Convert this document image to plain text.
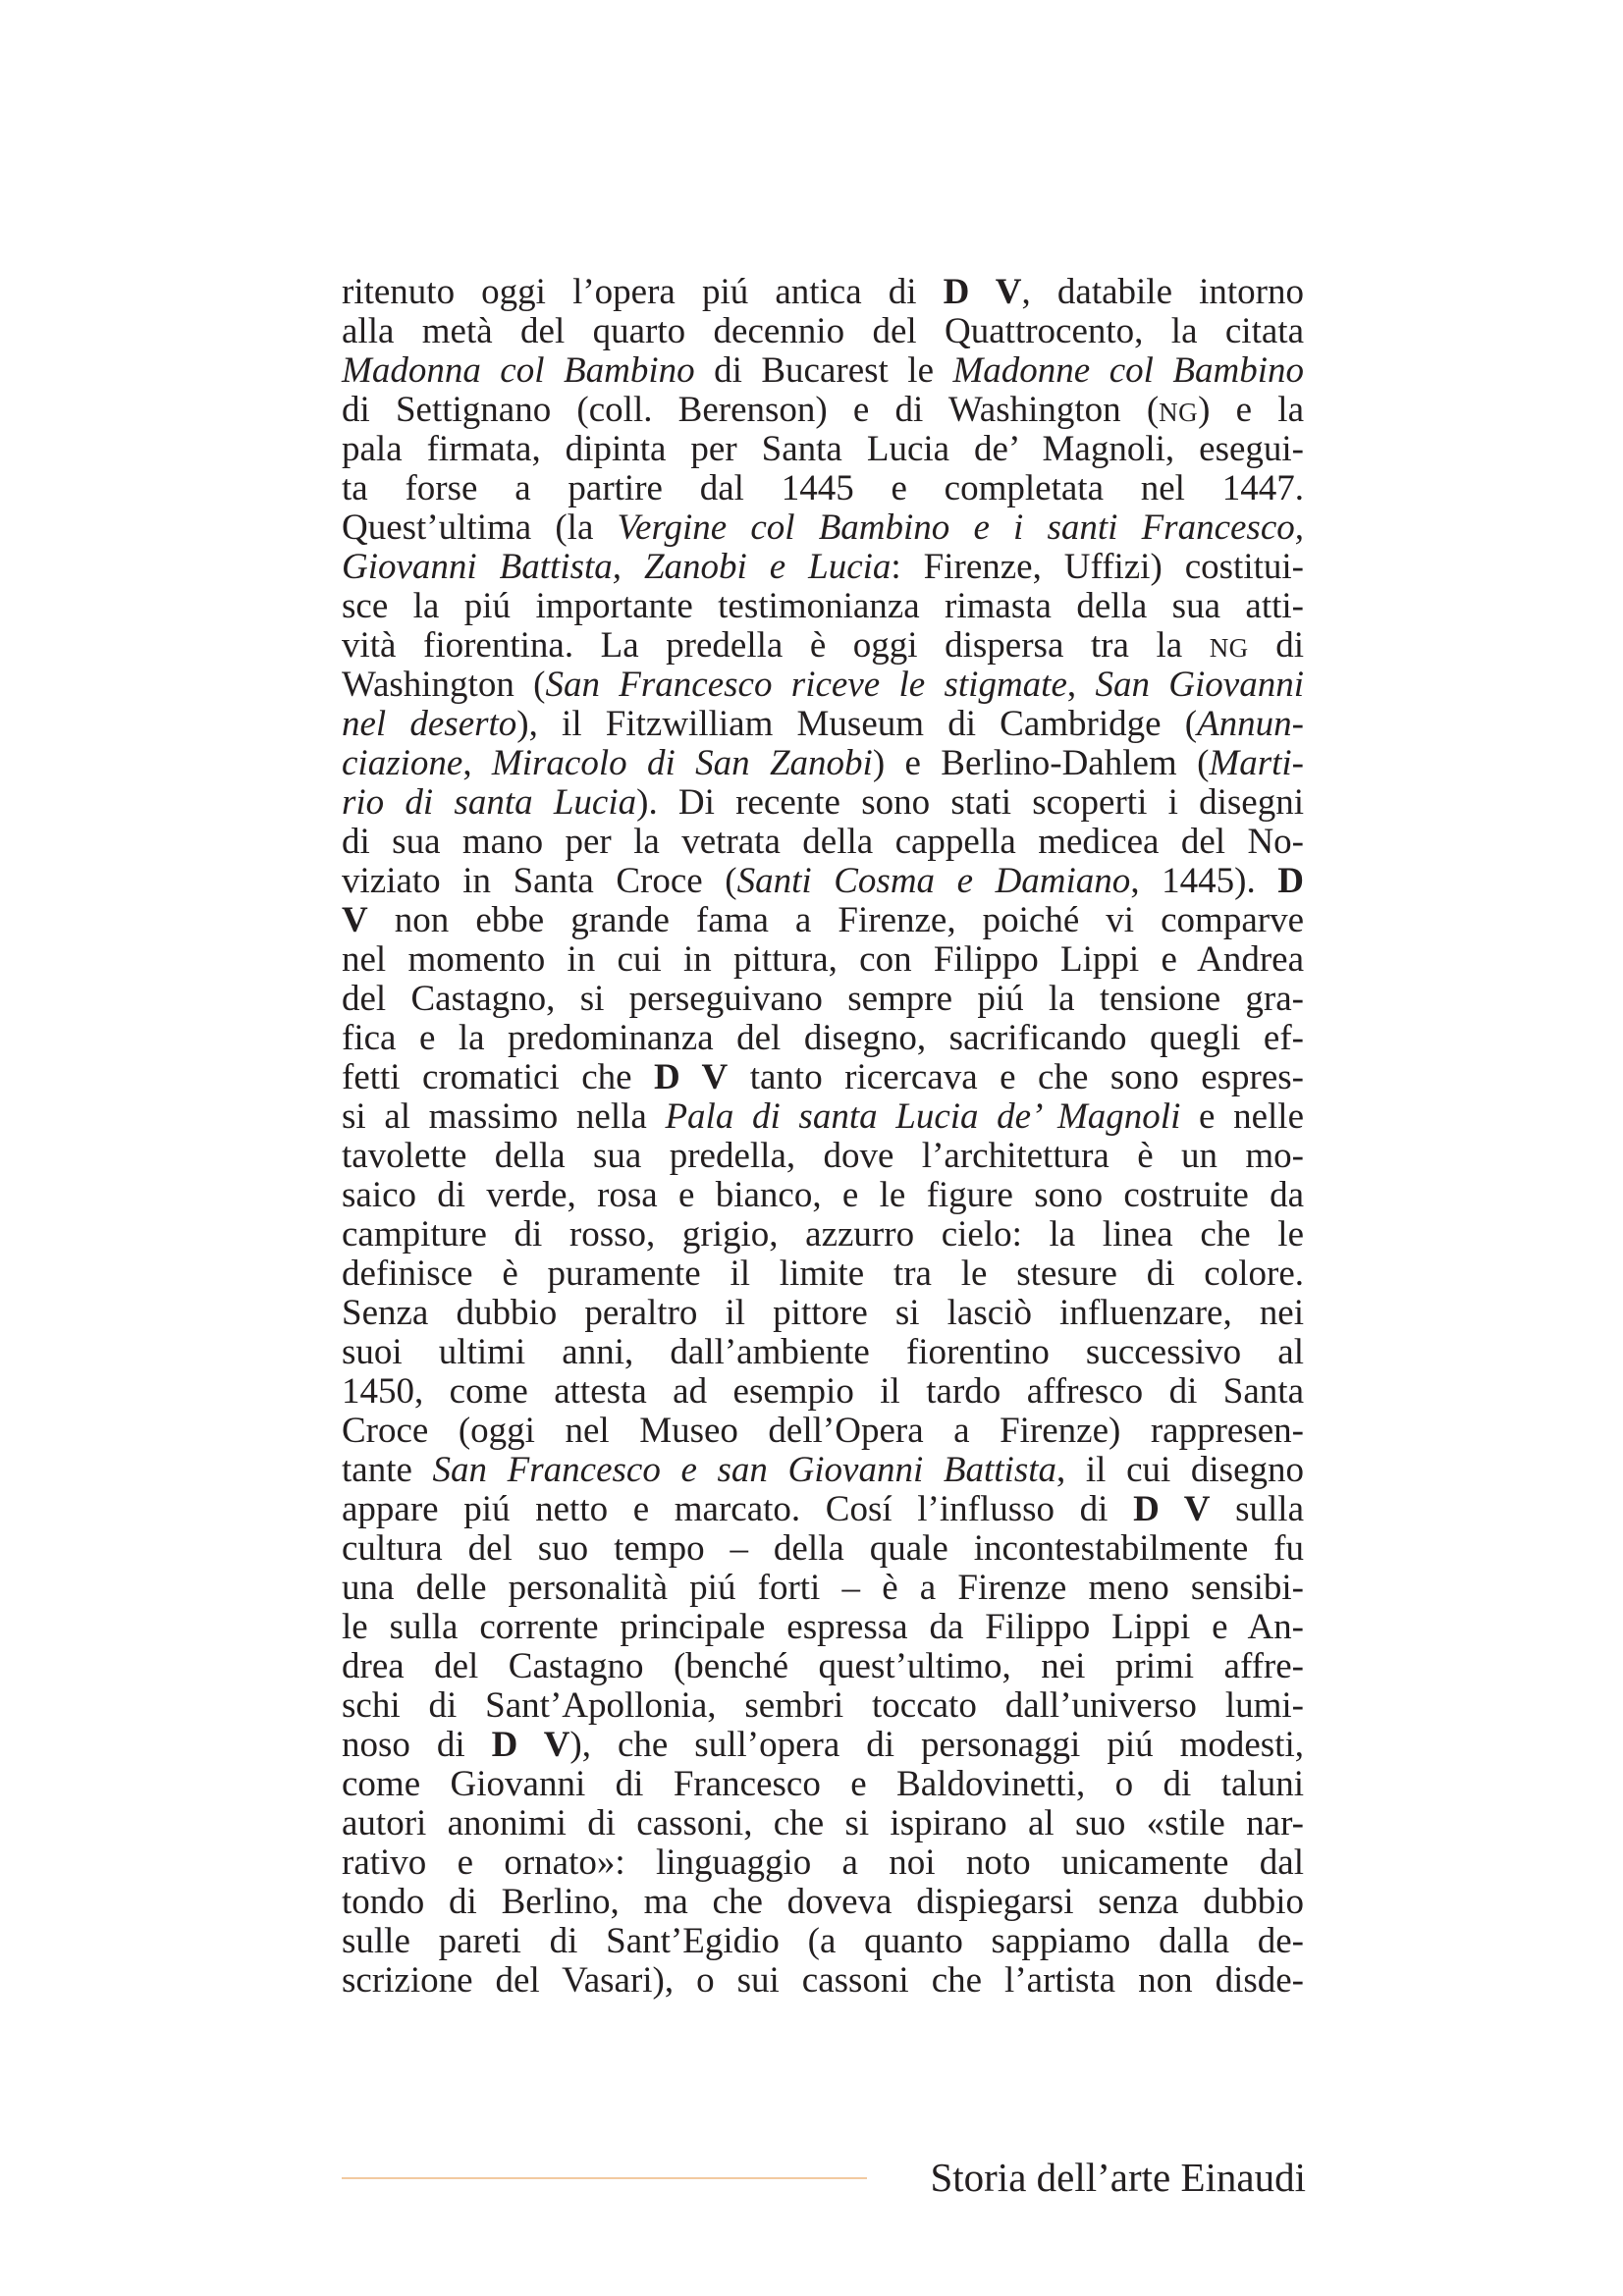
ritenuto oggi l’opera piú antica di D V, databile intorno
alla metà del quarto decennio del Quattrocento, la citata
Madonna col Bambino di Bucarest le Madonne col Bambino
di Settignano (coll. Berenson) e di Washington (NG) e la
pala firmata, dipinta per Santa Lucia de’ Magnoli, esegui-
ta forse a partire dal 1445 e completata nel 1447.
Quest’ultima (la Vergine col Bambino e i santi Francesco,
Giovanni Battista, Zanobi e Lucia: Firenze, Uffizi) costitui-
sce la piú importante testimonianza rimasta della sua atti-
vità fiorentina. La predella è oggi dispersa tra la NG di
Washington (San Francesco riceve le stigmate, San Giovanni
nel deserto), il Fitzwilliam Museum di Cambridge (Annun-
ciazione, Miracolo di San Zanobi) e Berlino-Dahlem (Marti-
rio di santa Lucia). Di recente sono stati scoperti i disegni
di sua mano per la vetrata della cappella medicea del No-
viziato in Santa Croce (Santi Cosma e Damiano, 1445). D
V non ebbe grande fama a Firenze, poiché vi comparve
nel momento in cui in pittura, con Filippo Lippi e Andrea
del Castagno, si perseguivano sempre piú la tensione gra-
fica e la predominanza del disegno, sacrificando quegli ef-
fetti cromatici che D V tanto ricercava e che sono espres-
si al massimo nella Pala di santa Lucia de’ Magnoli e nelle
tavolette della sua predella, dove l’architettura è un mo-
saico di verde, rosa e bianco, e le figure sono costruite da
campiture di rosso, grigio, azzurro cielo: la linea che le
definisce è puramente il limite tra le stesure di colore.
Senza dubbio peraltro il pittore si lasciò influenzare, nei
suoi ultimi anni, dall’ambiente fiorentino successivo al
1450, come attesta ad esempio il tardo affresco di Santa
Croce (oggi nel Museo dell’Opera a Firenze) rappresen-
tante San Francesco e san Giovanni Battista, il cui disegno
appare piú netto e marcato. Cosí l’influsso di D V sulla
cultura del suo tempo – della quale incontestabilmente fu
una delle personalità piú forti – è a Firenze meno sensibi-
le sulla corrente principale espressa da Filippo Lippi e An-
drea del Castagno (benché quest’ultimo, nei primi affre-
schi di Sant’Apollonia, sembri toccato dall’universo lumi-
noso di D V), che sull’opera di personaggi piú modesti,
come Giovanni di Francesco e Baldovinetti, o di taluni
autori anonimi di cassoni, che si ispirano al suo «stile nar-
rativo e ornato»: linguaggio a noi noto unicamente dal
tondo di Berlino, ma che doveva dispiegarsi senza dubbio
sulle pareti di Sant’Egidio (a quanto sappiamo dalla de-
scrizione del Vasari), o sui cassoni che l’artista non disde-
Storia dell’arte Einaudi
